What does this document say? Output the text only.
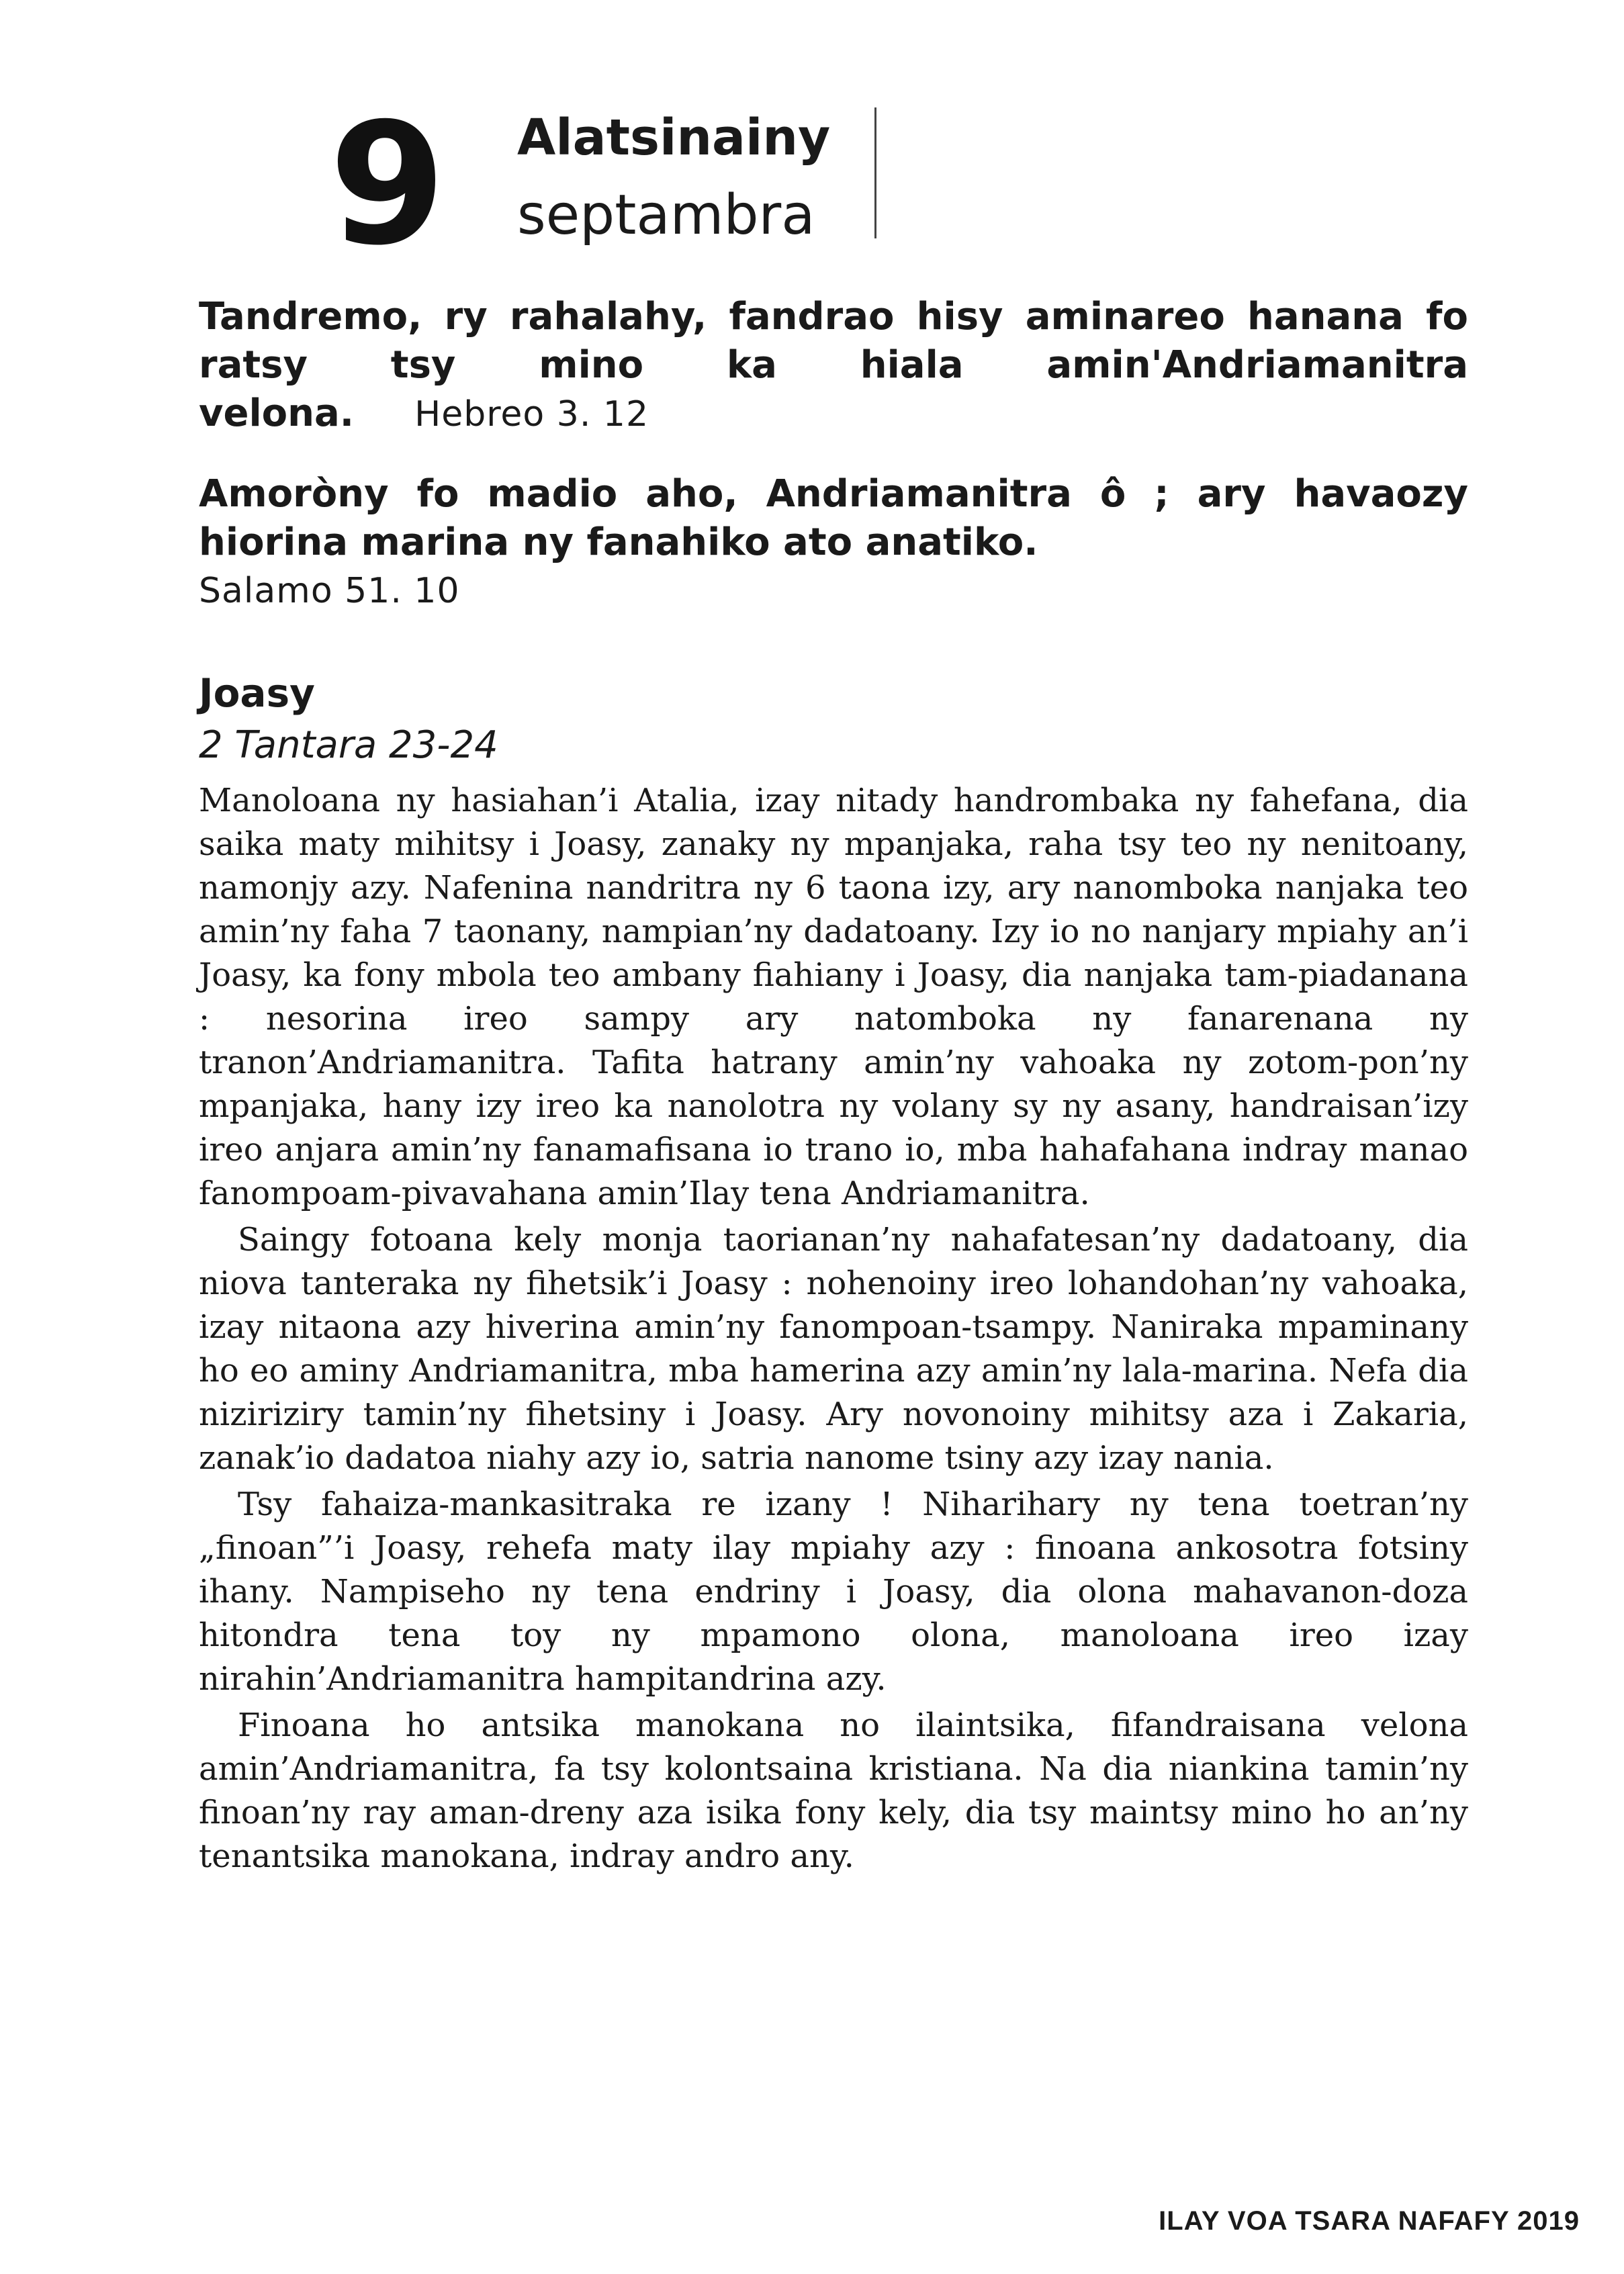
9 Alatsinainy
septambra
Tandremo, ry rahalahy, fandrao hisy aminareo hanana fo ratsy tsy mino ka hiala amin'Andriamanitra velona. Hebreo 3. 12
Amorò​ny fo madio aho, Andriamanitra ô ; ary havaozy hiorina marina ny fanahiko ato anatiko.
Salamo 51. 10
Joasy
2 Tantara 23-24

Manoloana ny hasiahan’i Atalia, izay nitady handrombaka ny fahefana, dia saika maty mihitsy i Joasy, zanaky ny mpanjaka, raha tsy teo ny nenitoany, namonjy azy. Nafenina nandritra ny 6 taona izy, ary nanomboka nanjaka teo amin’ny faha 7 taonany, nampian’ny dadatoany. Izy io no nanjary mpiahy an’i Joasy, ka fony mbola teo ambany fiahiany i Joasy, dia nanjaka tam-piadanana : nesorina ireo sampy ary natomboka ny fanarenana ny tranon’Andriamanitra. Tafita hatrany amin’ny vahoaka ny zotom-pon’ny mpanjaka, hany izy ireo ka nanolotra ny volany sy ny asany, handraisan’izy ireo anjara amin’ny fanamafisana io trano io, mba hahafahana indray manao fanompoam-pivavahana amin’Ilay tena Andriamanitra.

Saingy fotoana kely monja taorianan’ny nahafatesan’ny dadatoany, dia niova tanteraka ny fihetsik’i Joasy : nohenoiny ireo lohandohan’ny vahoaka, izay nitaona azy hiverina amin’ny fanompoan-tsampy. Naniraka mpaminany ho eo aminy Andriamanitra, mba hamerina azy amin’ny lala-marina. Nefa dia niziriziry tamin’ny fihetsiny i Joasy. Ary novonoiny mihitsy aza i Zakaria, zanak’io dadatoa niahy azy io, satria nanome tsiny azy izay nania.

Tsy fahaiza-mankasitraka re izany ! Niharihary ny tena toetran’ny „finoan”’i Joasy, rehefa maty ilay mpiahy azy : finoana ankosotra fotsiny ihany. Nampiseho ny tena endriny i Joasy, dia olona mahavanon-doza hitondra tena toy ny mpamono olona, manoloana ireo izay nirahin’Andriamanitra hampitandrina azy.

Finoana ho antsika manokana no ilaintsika, fifandraisana velona amin’Andriamanitra, fa tsy kolontsaina kristiana. Na dia niankina tamin’ny finoan’ny ray aman-dreny aza isika fony kely, dia tsy maintsy mino ho an’ny tenantsika manokana, indray andro any.

ILAY VOA TSARA NAFAFY 2019
